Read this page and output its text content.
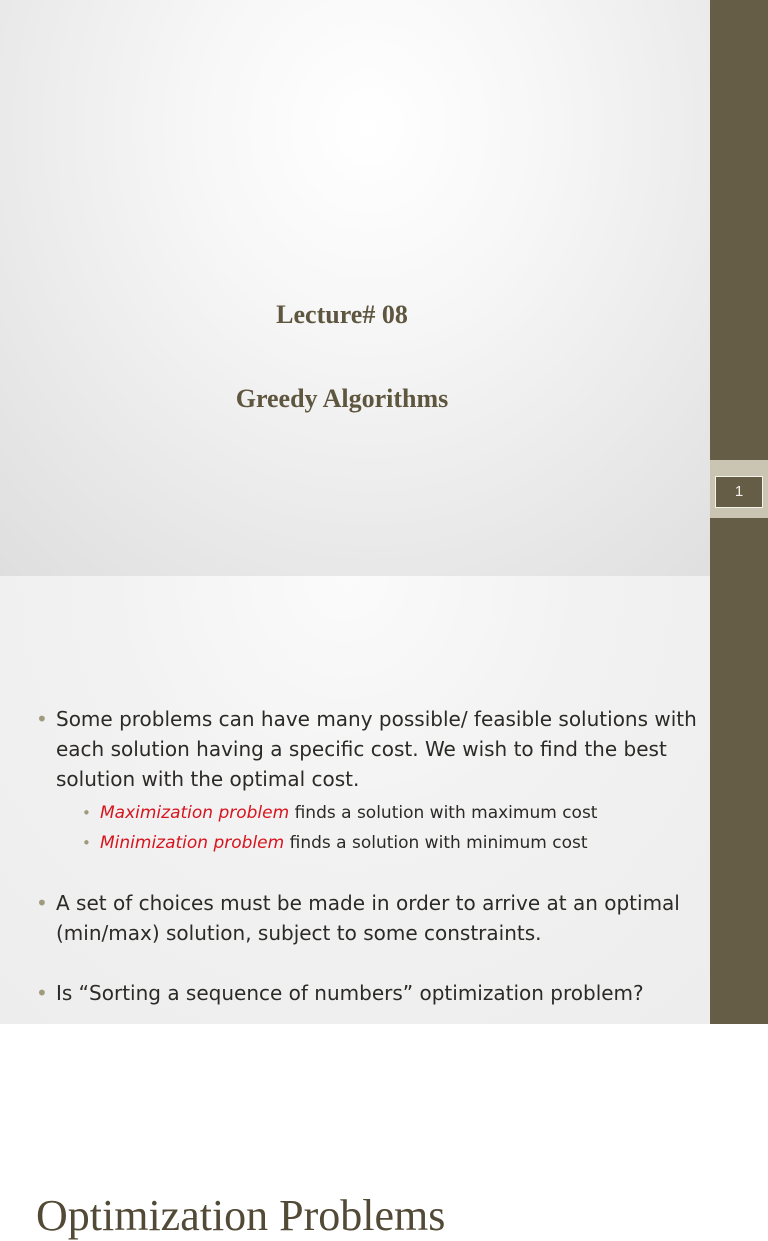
Lecture# 08
Greedy Algorithms
Optimization Problems
• Some problems can have many possible/ feasible solutions with each solution having a specific cost. We wish to find the best solution with the optimal cost.
• Maximization problem finds a solution with maximum cost
• Minimization problem finds a solution with minimum cost
• A set of choices must be made in order to arrive at an optimal (min/max) solution, subject to some constraints.
• Is “Sorting a sequence of numbers” optimization problem?
1
